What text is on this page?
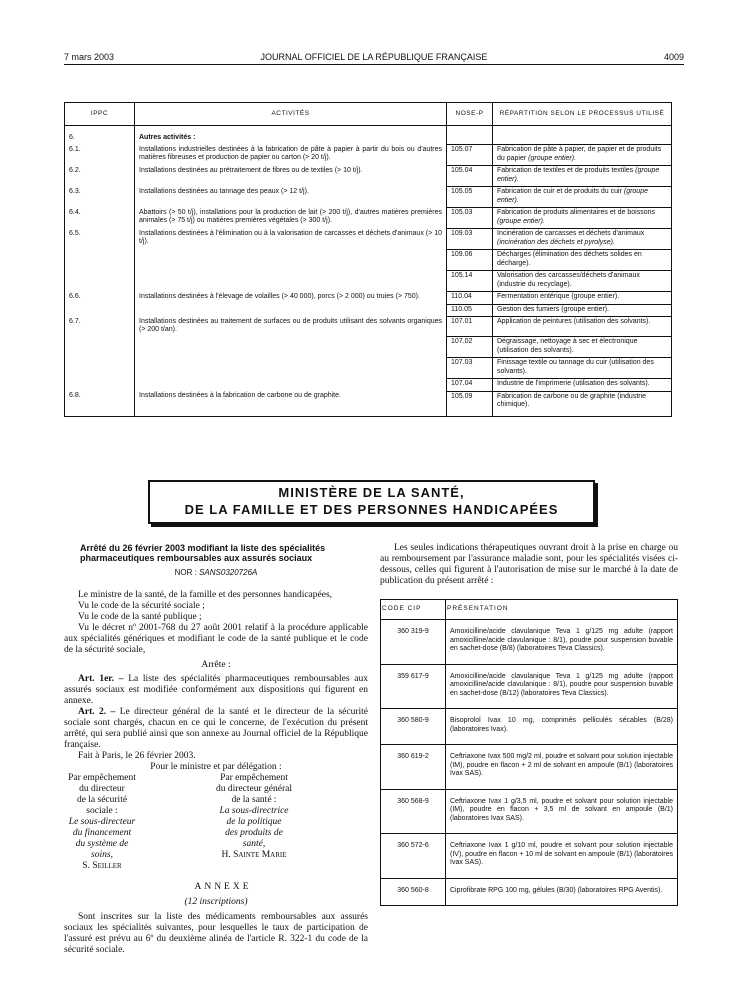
7 mars 2003	JOURNAL OFFICIEL DE LA RÉPUBLIQUE FRANÇAISE	4009
IPPC	ACTIVITÉS	NOSE-P	RÉPARTITION SELON LE PROCESSUS UTILISÉ
6.	Autres activités :		
6.1.	Installations industrielles destinées à la fabrication de pâte à papier à partir du bois ou d'autres matières fibreuses et production de papier ou carton (> 20 t/j).	105.07	Fabrication de pâte à papier, de papier et de produits du papier (groupe entier).
6.2.	Installations destinées au prétraitement de fibres ou de textiles (> 10 t/j).	105.04	Fabrication de textiles et de produits textiles (groupe entier).
6.3.	Installations destinées au tannage des peaux (> 12 t/j).	105.05	Fabrication de cuir et de produits du cuir (groupe entier).
6.4.	Abattoirs (> 50 t/j), installations pour la production de lait (> 200 t/j), d'autres matières premières animales (> 75 t/j) ou matières premières végétales (> 300 t/j).	105.03	Fabrication de produits alimentaires et de boissons (groupe entier).
6.5.	Installations destinées à l'élimination ou à la valorisation de carcasses et déchets d'animaux (> 10 t/j).	109.03	Incinération de carcasses et déchets d'animaux (incinération des déchets et pyrolyse).
		109.06	Décharges (élimination des déchets solides en décharge).
		105.14	Valorisation des carcasses/déchets d'animaux (industrie du recyclage).
6.6.	Installations destinées à l'élevage de volailles (> 40 000), porcs (> 2 000) ou truies (> 750).	110.04	Fermentation entérique (groupe entier).
		110.05	Gestion des fumiers (groupe entier).
6.7.	Installations destinées au traitement de surfaces ou de produits utilisant des solvants organiques (> 200 t/an).	107.01	Application de peintures (utilisation des solvants).
		107.02	Dégraissage, nettoyage à sec et électronique (utilisation des solvants).
		107.03	Finissage textile ou tannage du cuir (utilisation des solvants).
		107.04	Industrie de l'imprimerie (utilisation des solvants).
6.8.	Installations destinées à la fabrication de carbone ou de graphite.	105.09	Fabrication de carbone ou de graphite (industrie chimique).
MINISTÈRE DE LA SANTÉ,
DE LA FAMILLE ET DES PERSONNES HANDICAPÉES
Arrêté du 26 février 2003 modifiant la liste des spécialités pharmaceutiques remboursables aux assurés sociaux
NOR : SANS0320726A

Le ministre de la santé, de la famille et des personnes handicapées,

Vu le code de la sécurité sociale ;

Vu le code de la santé publique ;

Vu le décret nº 2001-768 du 27 août 2001 relatif à la procédure applicable aux spécialités génériques et modifiant le code de la santé publique et le code de la sécurité sociale,

Arrête :

Art. 1er. – La liste des spécialités pharmaceutiques remboursables aux assurés sociaux est modifiée conformément aux dispositions qui figurent en annexe.

Art. 2. – Le directeur général de la santé et le directeur de la sécurité sociale sont chargés, chacun en ce qui le concerne, de l'exécution du présent arrêté, qui sera publié ainsi que son annexe au Journal officiel de la République française.

Fait à Paris, le 26 février 2003.

Pour le ministre et par délégation :

Par empêchement du directeur
de la sécurité sociale :
Le sous-directeur
du financement
du système de soins,
S. Seiller
Par empêchement
du directeur général de la santé :
La sous-directrice
de la politique
des produits de santé,
H. Sainte Marie

ANNEXE

(12 inscriptions)

Sont inscrites sur la liste des médicaments remboursables aux assurés sociaux les spécialités suivantes, pour lesquelles le taux de participation de l'assuré est prévu au 6º du deuxième alinéa de l'article R. 322-1 du code de la sécurité sociale.

Les seules indications thérapeutiques ouvrant droit à la prise en charge ou au remboursement par l'assurance maladie sont, pour les spécialités visées ci-dessous, celles qui figurent à l'autorisation de mise sur le marché à la date de publication du présent arrêté :

CODE CIP	PRÉSENTATION
360 319-9	Amoxicilline/acide clavulanique Teva 1 g/125 mg adulte (rapport amoxicilline/acide clavulanique : 8/1), poudre pour suspension buvable en sachet-dose (B/8) (laboratoires Teva Classics).
359 617-9	Amoxicilline/acide clavulanique Teva 1 g/125 mg adulte (rapport amoxicilline/acide clavulanique : 8/1), poudre pour suspension buvable en sachet-dose (B/12) (laboratoires Teva Classics).
360 580-9	Bisoprolol Ivax 10 mg, comprimés pelliculés sécables (B/28) (laboratoires Ivax).
360 619-2	Ceftriaxone Ivax 500 mg/2 ml, poudre et solvant pour solution injectable (IM), poudre en flacon + 2 ml de solvant en ampoule (B/1) (laboratoires Ivax SAS).
360 568-9	Ceftriaxone Ivax 1 g/3,5 ml, poudre et solvant pour solution injectable (IM), poudre en flacon + 3,5 ml de solvant en ampoule (B/1) (laboratoires Ivax SAS).
360 572-6	Ceftriaxone Ivax 1 g/10 ml, poudre et solvant pour solution injectable (IV), poudre en flacon + 10 ml de solvant en ampoule (B/1) (laboratoires Ivax SAS).
360 560-8	Ciprofibrate RPG 100 mg, gélules (B/30) (laboratoires RPG Aventis).
